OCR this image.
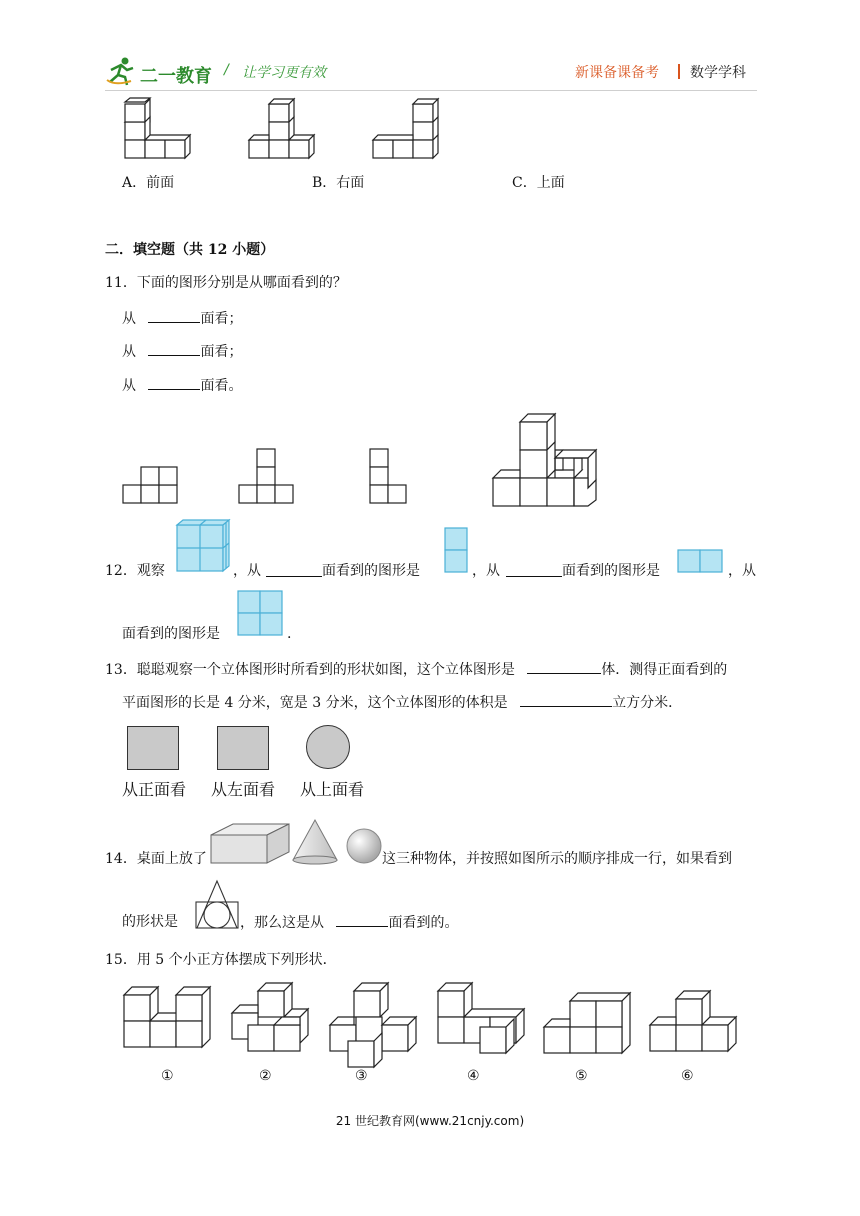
二一教育 / 让学习更有效	新课备课备考 数学学科
A．前面	B．右面	C．上面
二．填空题（共 12 小题）
11．下面的图形分别是从哪面看到的？
从	面看；
从	面看；
从	面看。
12．观察	，从	面看到的图形是	，从	面看到的图形是	，从
面看到的图形是	.
13．聪聪观察一个立体图形时所看到的形状如图，这个立体图形是	体．测得正面看到的
平面图形的长是 4 分米，宽是 3 分米，这个立体图形的体积是	立方分米．
从正面看 从左面看 从上面看
14．桌面上放了	这三种物体，并按照如图所示的顺序排成一行，如果看到
的形状是	，那么这是从	面看到的。
15．用 5 个小正方体摆成下列形状．
①	②	③	④	⑤	⑥
21 世纪教育网(www.21cnjy.com)
